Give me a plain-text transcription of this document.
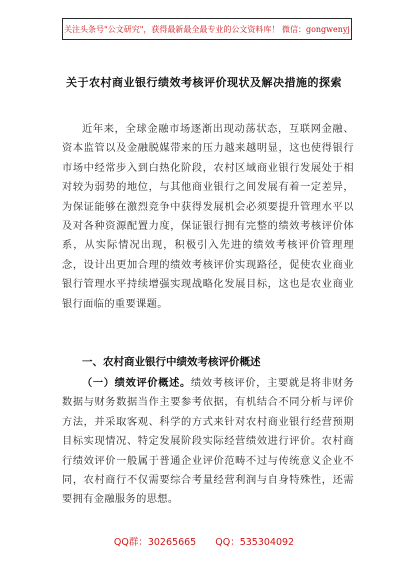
关注头条号"公文研究"，获得最新最全最专业的公文资料库！ 微信：gongwenyj
关于农村商业银行绩效考核评价现状及解决措施的探索

近年来，全球金融市场逐渐出现动荡状态，互联网金融、资本监管以及金融脱媒带来的压力越来越明显，这也使得银行市场中经常步入到白热化阶段，农村区域商业银行发展处于相对较为弱势的地位，与其他商业银行之间发展有着一定差异，为保证能够在激烈竞争中获得发展机会必须要提升管理水平以及对各种资源配置力度，保证银行拥有完整的绩效考核评价体系，从实际情况出现，积极引入先进的绩效考核评价管理理念，设计出更加合理的绩效考核评价实现路径，促使农业商业银行管理水平持续增强实现战略化发展目标，这也是农业商业银行面临的重要课题。

一、农村商业银行中绩效考核评价概述

（一）绩效评价概述。绩效考核评价，主要就是将非财务数据与财务数据当作主要参考依据，有机结合不同分析与评价方法，并采取客观、科学的方式来针对农村商业银行经营预期目标实现情况、特定发展阶段实际经营绩效进行评价。农村商行绩效评价一般属于普通企业评价范畴不过与传统意义企业不同，农村商行不仅需要综合考量经营利润与自身特殊性，还需要拥有金融服务的思想。

QQ群：30265665 QQ：535304092
